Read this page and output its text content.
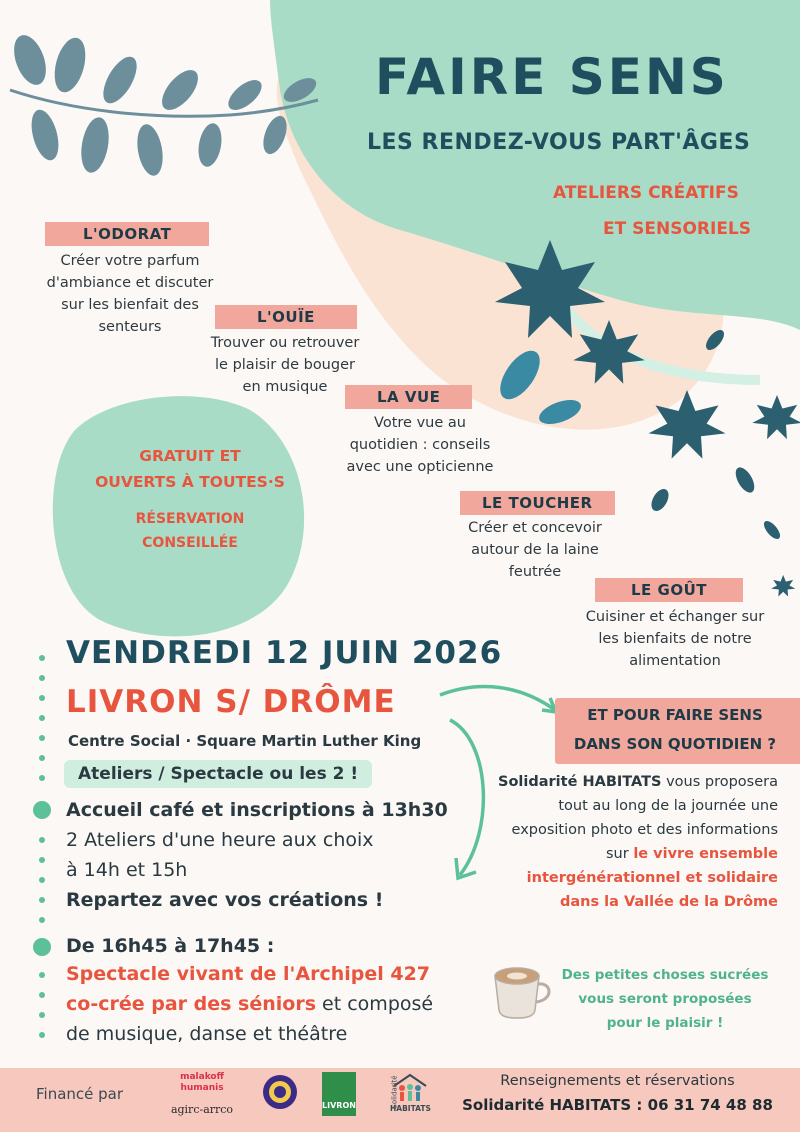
FAIRE SENS
LES RENDEZ-VOUS PART'ÂGES
ATELIERS CRÉATIFS
ET SENSORIELS
L'ODORAT
Créer votre parfum
d'ambiance et discuter
sur les bienfait des
senteurs
L'OUÏE
Trouver ou retrouver
le plaisir de bouger
en musique
LA VUE
Votre vue au
quotidien : conseils
avec une opticienne
LE TOUCHER
Créer et concevoir
autour de la laine
feutrée
LE GOÛT
Cuisiner et échanger sur
les bienfaits de notre
alimentation
GRATUIT ET
OUVERTS À TOUTES·S
RÉSERVATION
CONSEILLÉE
VENDREDI 12 JUIN 2026
LIVRON S/ DRÔME
Centre Social · Square Martin Luther King
Ateliers / Spectacle ou les 2 !
Accueil café et inscriptions à 13h30
2 Ateliers d'une heure aux choix
à 14h et 15h
Repartez avec vos créations !
De 16h45 à 17h45 :
Spectacle vivant de l'Archipel 427
co-crée par des séniors et composé
de musique, danse et théâtre
ET POUR FAIRE SENS
DANS SON QUOTIDIEN ?
Solidarité HABITATS vous proposera
tout au long de la journée une
exposition photo et des informations
sur le vivre ensemble
intergénérationnel et solidaire
dans la Vallée de la Drôme
Des petites choses sucrées
vous seront proposées
pour le plaisir !
Financé par
malakoff humanis
agirc-arrco	LIVRON	Solidarité
HABITATS
Renseignements et réservations
Solidarité HABITATS : 06 31 74 48 88
